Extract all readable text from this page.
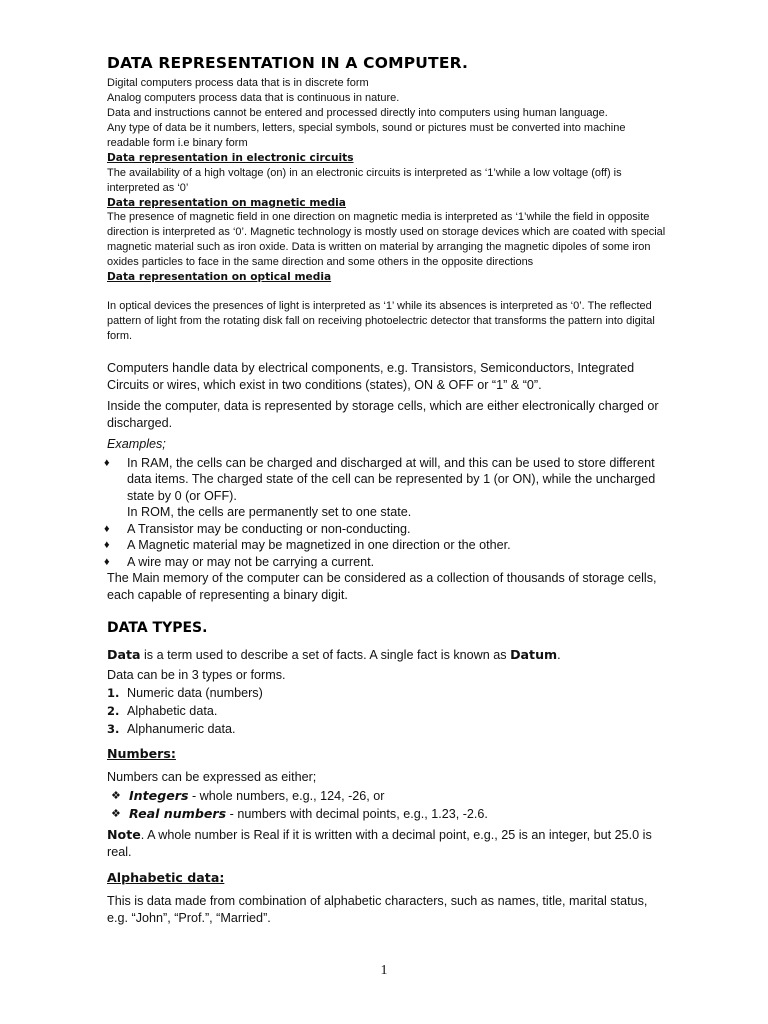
DATA REPRESENTATION IN A COMPUTER.

Digital computers process data that is in discrete form

Analog computers process data that is continuous in nature.

Data and instructions cannot be entered and processed directly into computers using human language.

Any type of data be it numbers, letters, special symbols, sound or pictures must be converted into machine readable form i.e binary form

Data representation in electronic circuits

The availability of a high voltage (on) in an electronic circuits is interpreted as ‘1’while a low voltage (off) is interpreted as ‘0’

Data representation on magnetic media

The presence of magnetic field in one direction on magnetic media is interpreted as ‘1’while the field in opposite direction is interpreted as ‘0’. Magnetic technology is mostly used on storage devices which are coated with special magnetic material such as iron oxide. Data is written on material by arranging the magnetic dipoles of some iron oxides particles to face in the same direction and some others in the opposite directions

Data representation on optical media

In optical devices the presences of light is interpreted as ‘1’ while its absences is interpreted as ‘0’. The reflected pattern of light from the rotating disk fall on receiving photoelectric detector that transforms the pattern into digital form.

Computers handle data by electrical components, e.g. Transistors, Semiconductors, Integrated Circuits or wires, which exist in two conditions (states), ON & OFF or “1” & “0”.

Inside the computer, data is represented by storage cells, which are either electronically charged or discharged.

Examples;
♦ In RAM, the cells can be charged and discharged at will, and this can be used to store different data items. The charged state of the cell can be represented by 1 (or ON), while the uncharged state by 0 (or OFF).
In ROM, the cells are permanently set to one state.
♦ A Transistor may be conducting or non-conducting.
♦ A Magnetic material may be magnetized in one direction or the other.
♦ A wire may or may not be carrying a current.

The Main memory of the computer can be considered as a collection of thousands of storage cells, each capable of representing a binary digit.

DATA TYPES.

Data is a term used to describe a set of facts. A single fact is known as Datum.

Data can be in 3 types or forms.

1. Numeric data (numbers)
2. Alphabetic data.
3. Alphanumeric data.
Numbers:

Numbers can be expressed as either;

❖ Integers - whole numbers, e.g., 124, -26, or
❖ Real numbers - numbers with decimal points, e.g., 1.23, -2.6.

Note. A whole number is Real if it is written with a decimal point, e.g., 25 is an integer, but 25.0 is real.

Alphabetic data:

This is data made from combination of alphabetic characters, such as names, title, marital status, e.g. “John”, “Prof.”, “Married”.

1
